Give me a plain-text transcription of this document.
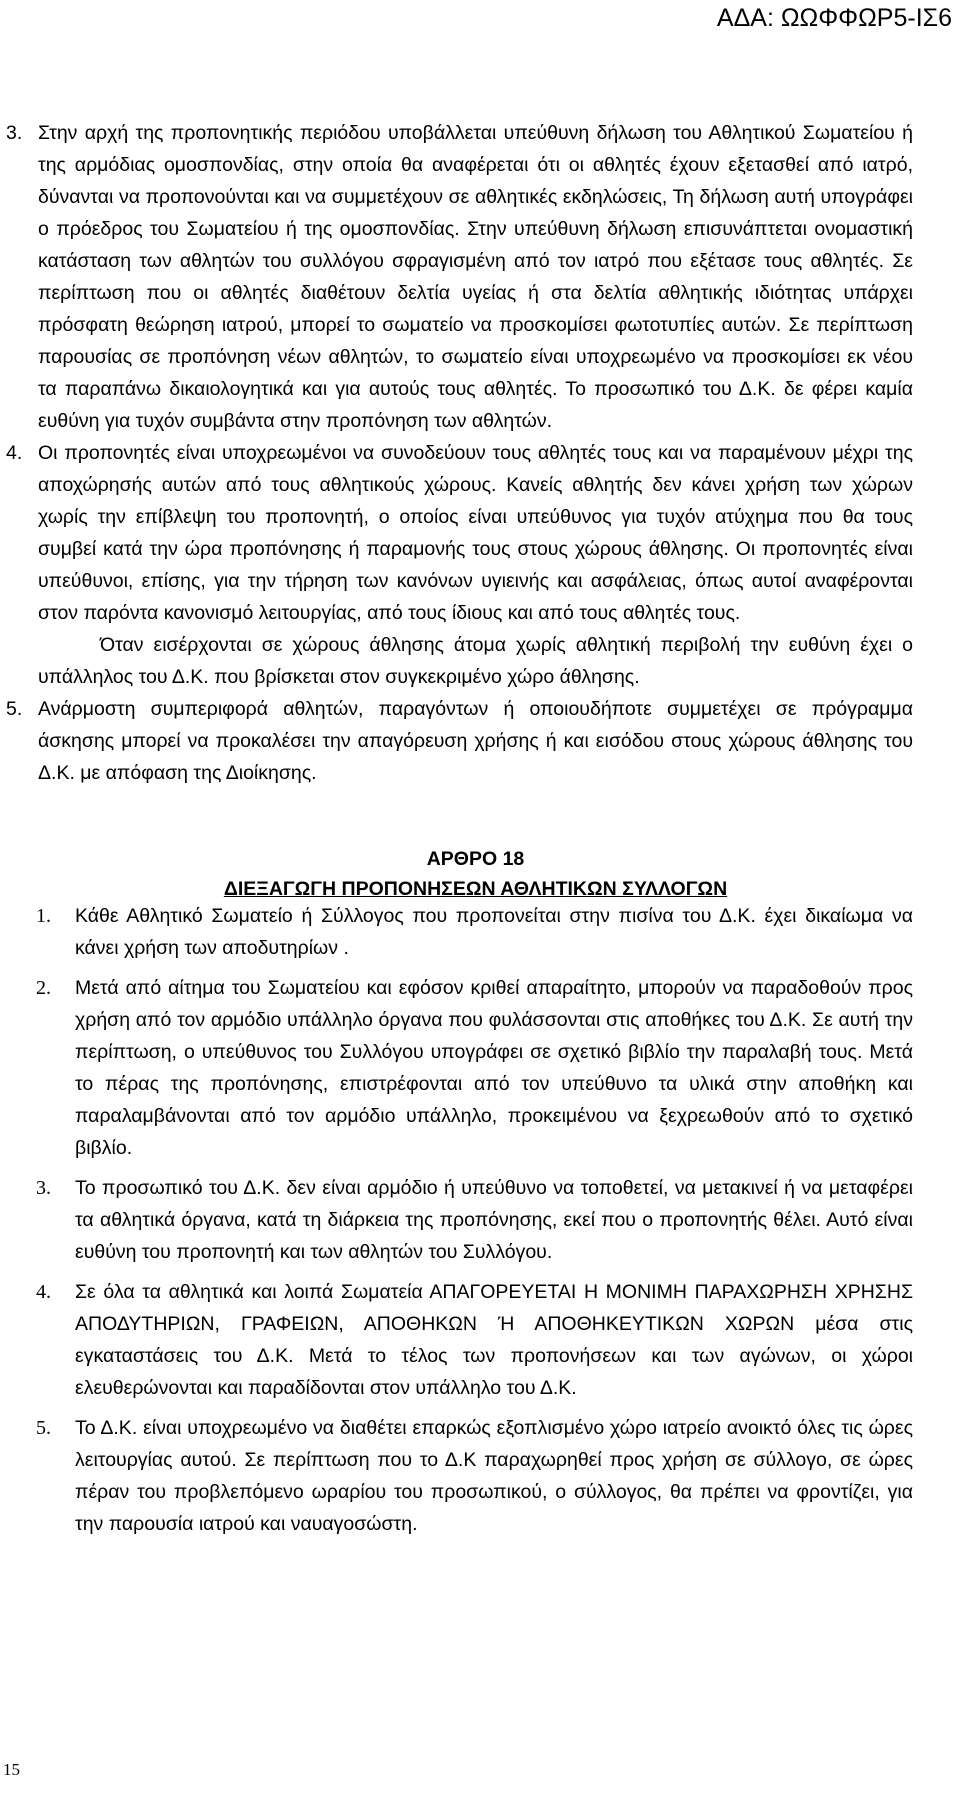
ΑΔΑ: ΩΩΦΦΩΡ5-ΙΣ6
3. Στην αρχή της προπονητικής περιόδου υποβάλλεται υπεύθυνη δήλωση του Αθλητικού Σωματείου ή της αρμόδιας ομοσπονδίας, στην οποία θα αναφέρεται ότι οι αθλητές έχουν εξετασθεί από ιατρό, δύνανται να προπονούνται και να συμμετέχουν σε αθλητικές εκδηλώσεις, Τη δήλωση αυτή υπογράφει ο πρόεδρος του Σωματείου ή της ομοσπονδίας. Στην υπεύθυνη δήλωση επισυνάπτεται ονομαστική κατάσταση των αθλητών του συλλόγου σφραγισμένη από τον ιατρό που εξέτασε τους αθλητές. Σε περίπτωση που οι αθλητές διαθέτουν δελτία υγείας ή στα δελτία αθλητικής ιδιότητας υπάρχει πρόσφατη θεώρηση ιατρού, μπορεί το σωματείο να προσκομίσει φωτοτυπίες αυτών. Σε περίπτωση παρουσίας σε προπόνηση νέων αθλητών, το σωματείο είναι υποχρεωμένο να προσκομίσει εκ νέου τα παραπάνω δικαιολογητικά και για αυτούς τους αθλητές. Το προσωπικό του Δ.Κ. δε φέρει καμία ευθύνη για τυχόν συμβάντα στην προπόνηση των αθλητών.
4. Οι προπονητές είναι υποχρεωμένοι να συνοδεύουν τους αθλητές τους και να παραμένουν μέχρι της αποχώρησής αυτών από τους αθλητικούς χώρους. Κανείς αθλητής δεν κάνει χρήση των χώρων χωρίς την επίβλεψη του προπονητή, ο οποίος είναι υπεύθυνος για τυχόν ατύχημα που θα τους συμβεί κατά την ώρα προπόνησης ή παραμονής τους στους χώρους άθλησης. Οι προπονητές είναι υπεύθυνοι, επίσης, για την τήρηση των κανόνων υγιεινής και ασφάλειας, όπως αυτοί αναφέρονται στον παρόντα κανονισμό λειτουργίας, από τους ίδιους και από τους αθλητές τους.
Όταν εισέρχονται σε χώρους άθλησης άτομα χωρίς αθλητική περιβολή την ευθύνη έχει ο υπάλληλος του Δ.Κ. που βρίσκεται στον συγκεκριμένο χώρο άθλησης.
5. Ανάρμοστη συμπεριφορά αθλητών, παραγόντων ή οποιουδήποτε συμμετέχει σε πρόγραμμα άσκησης μπορεί να προκαλέσει την απαγόρευση χρήσης ή και εισόδου στους χώρους άθλησης του Δ.Κ. με απόφαση της Διοίκησης.
ΑΡΘΡΟ 18
ΔΙΕΞΑΓΩΓΗ ΠΡΟΠΟΝΗΣΕΩΝ ΑΘΛΗΤΙΚΩΝ ΣΥΛΛΟΓΩΝ
1. Κάθε Αθλητικό Σωματείο ή Σύλλογος που προπονείται στην πισίνα του Δ.Κ. έχει δικαίωμα να κάνει χρήση των αποδυτηρίων .
2. Μετά από αίτημα του Σωματείου και εφόσον κριθεί απαραίτητο, μπορούν να παραδοθούν προς χρήση από τον αρμόδιο υπάλληλο όργανα που φυλάσσονται στις αποθήκες του Δ.Κ. Σε αυτή την περίπτωση, ο υπεύθυνος του Συλλόγου υπογράφει σε σχετικό βιβλίο την παραλαβή τους. Μετά το πέρας της προπόνησης, επιστρέφονται από τον υπεύθυνο τα υλικά στην αποθήκη και παραλαμβάνονται από τον αρμόδιο υπάλληλο, προκειμένου να ξεχρεωθούν από το σχετικό βιβλίο.
3. Το προσωπικό του Δ.Κ. δεν είναι αρμόδιο ή υπεύθυνο να τοποθετεί, να μετακινεί ή να μεταφέρει τα αθλητικά όργανα, κατά τη διάρκεια της προπόνησης, εκεί που ο προπονητής θέλει. Αυτό είναι ευθύνη του προπονητή και των αθλητών του Συλλόγου.
4. Σε όλα τα αθλητικά και λοιπά Σωματεία ΑΠΑΓΟΡΕΥΕΤΑΙ Η ΜΟΝΙΜΗ ΠΑΡΑΧΩΡΗΣΗ ΧΡΗΣΗΣ ΑΠΟΔΥΤΗΡΙΩΝ, ΓΡΑΦΕΙΩΝ, ΑΠΟΘΗΚΩΝ Ή ΑΠΟΘΗΚΕΥΤΙΚΩΝ ΧΩΡΩΝ μέσα στις εγκαταστάσεις του Δ.Κ. Μετά το τέλος των προπονήσεων και των αγώνων, οι χώροι ελευθερώνονται και παραδίδονται στον υπάλληλο του Δ.Κ.
5. Το Δ.Κ. είναι υποχρεωμένο να διαθέτει επαρκώς εξοπλισμένο χώρο ιατρείο ανοικτό όλες τις ώρες λειτουργίας αυτού. Σε περίπτωση που το Δ.Κ παραχωρηθεί προς χρήση σε σύλλογο, σε ώρες πέραν του προβλεπόμενο ωραρίου του προσωπικού, ο σύλλογος, θα πρέπει να φροντίζει, για την παρουσία ιατρού και ναυαγοσώστη.
15
